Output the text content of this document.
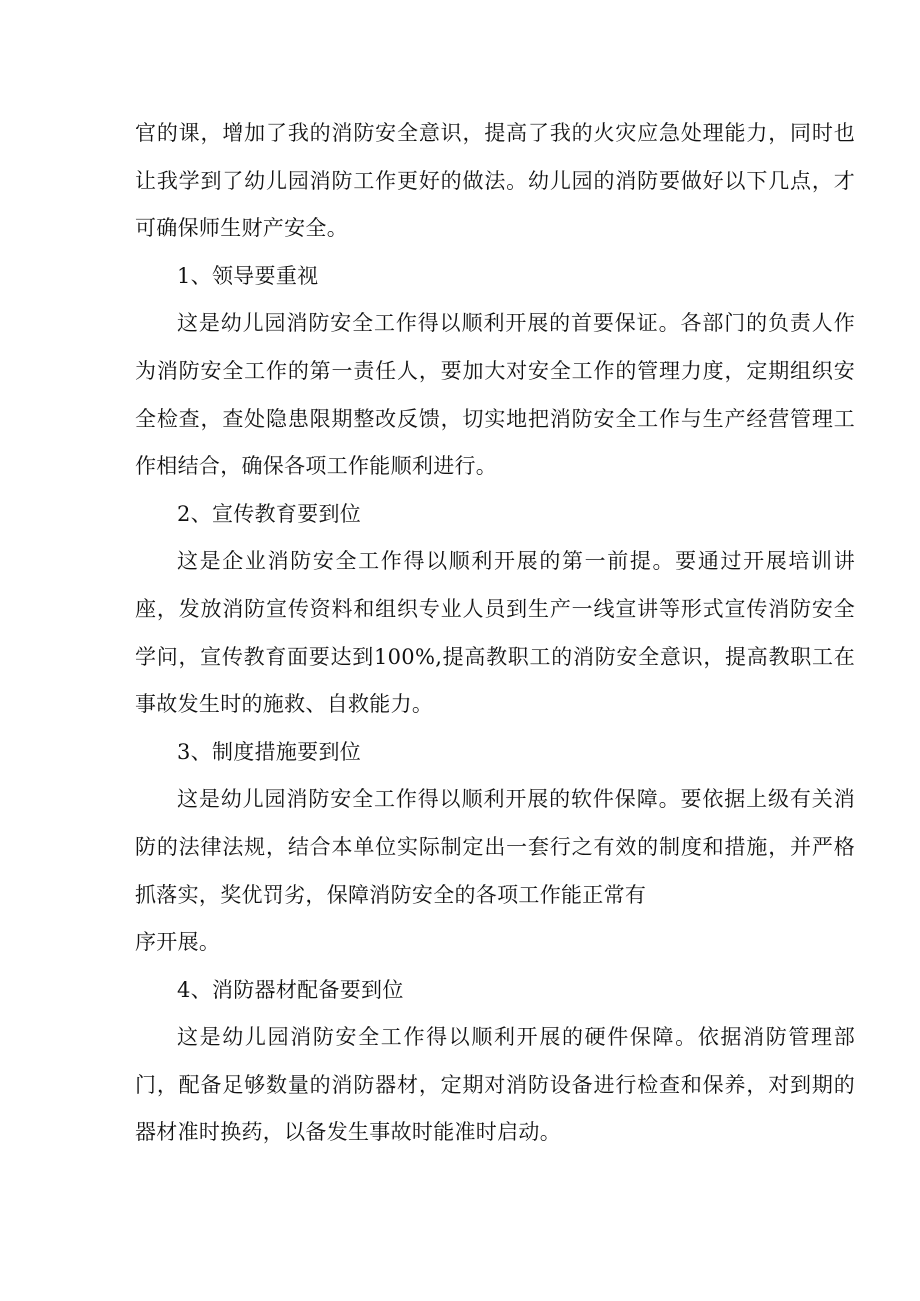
官的课，增加了我的消防安全意识，提高了我的火灾应急处理能力，同时也让我学到了幼儿园消防工作更好的做法。幼儿园的消防要做好以下几点，才可确保师生财产安全。

1、领导要重视

这是幼儿园消防安全工作得以顺利开展的首要保证。各部门的负责人作为消防安全工作的第一责任人，要加大对安全工作的管理力度，定期组织安全检查，查处隐患限期整改反馈，切实地把消防安全工作与生产经营管理工作相结合，确保各项工作能顺利进行。

2、宣传教育要到位

这是企业消防安全工作得以顺利开展的第一前提。要通过开展培训讲座，发放消防宣传资料和组织专业人员到生产一线宣讲等形式宣传消防安全学问，宣传教育面要达到100%,提高教职工的消防安全意识，提高教职工在事故发生时的施救、自救能力。

3、制度措施要到位

这是幼儿园消防安全工作得以顺利开展的软件保障。要依据上级有关消防的法律法规，结合本单位实际制定出一套行之有效的制度和措施，并严格抓落实，奖优罚劣，保障消防安全的各项工作能正常有
序开展。

4、消防器材配备要到位

这是幼儿园消防安全工作得以顺利开展的硬件保障。依据消防管理部门，配备足够数量的消防器材，定期对消防设备进行检查和保养，对到期的器材准时换药，以备发生事故时能准时启动。
